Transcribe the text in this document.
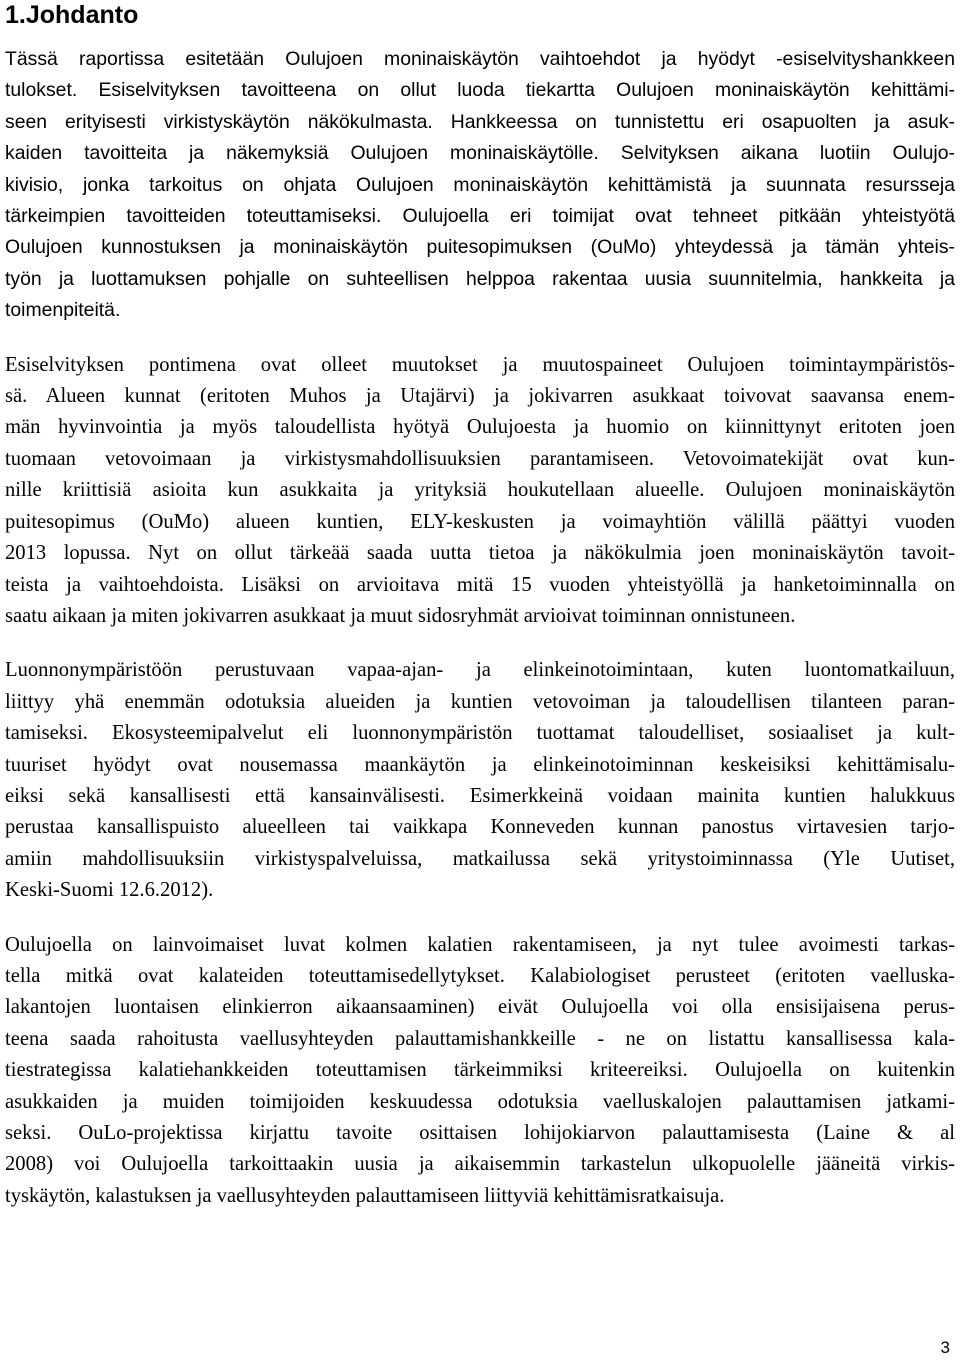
1.Johdanto

Tässä raportissa esitetään Oulujoen moninaiskäytön vaihtoehdot ja hyödyt -esiselvityshankkeen
tulokset. Esiselvityksen tavoitteena on ollut luoda tiekartta Oulujoen moninaiskäytön kehittämi-
seen erityisesti virkistyskäytön näkökulmasta. Hankkeessa on tunnistettu eri osapuolten ja asuk-
kaiden tavoitteita ja näkemyksiä Oulujoen moninaiskäytölle. Selvityksen aikana luotiin Oulujo-
kivisio, jonka tarkoitus on ohjata Oulujoen moninaiskäytön kehittämistä ja suunnata resursseja
tärkeimpien tavoitteiden toteuttamiseksi. Oulujoella eri toimijat ovat tehneet pitkään yhteistyötä
Oulujoen kunnostuksen ja moninaiskäytön puitesopimuksen (OuMo) yhteydessä ja tämän yhteis-
työn ja luottamuksen pohjalle on suhteellisen helppoa rakentaa uusia suunnitelmia, hankkeita ja
toimenpiteitä.

Esiselvityksen pontimena ovat olleet muutokset ja muutospaineet Oulujoen toimintaympäristös-
sä. Alueen kunnat (eritoten Muhos ja Utajärvi) ja jokivarren asukkaat toivovat saavansa enem-
män hyvinvointia ja myös taloudellista hyötyä Oulujoesta ja huomio on kiinnittynyt eritoten joen
tuomaan vetovoimaan ja virkistysmahdollisuuksien parantamiseen. Vetovoimatekijät ovat kun-
nille kriittisiä asioita kun asukkaita ja yrityksiä houkutellaan alueelle. Oulujoen moninaiskäytön
puitesopimus (OuMo) alueen kuntien, ELY-keskusten ja voimayhtiön välillä päättyi vuoden
2013 lopussa. Nyt on ollut tärkeää saada uutta tietoa ja näkökulmia joen moninaiskäytön tavoit-
teista ja vaihtoehdoista. Lisäksi on arvioitava mitä 15 vuoden yhteistyöllä ja hanketoiminnalla on
saatu aikaan ja miten jokivarren asukkaat ja muut sidosryhmät arvioivat toiminnan onnistuneen.

Luonnonympäristöön perustuvaan vapaa-ajan- ja elinkeinotoimintaan, kuten luontomatkailuun,
liittyy yhä enemmän odotuksia alueiden ja kuntien vetovoiman ja taloudellisen tilanteen paran-
tamiseksi. Ekosysteemipalvelut eli luonnonympäristön tuottamat taloudelliset, sosiaaliset ja kult-
tuuriset hyödyt ovat nousemassa maankäytön ja elinkeinotoiminnan keskeisiksi kehittämisalu-
eiksi sekä kansallisesti että kansainvälisesti. Esimerkkeinä voidaan mainita kuntien halukkuus
perustaa kansallispuisto alueelleen tai vaikkapa Konneveden kunnan panostus virtavesien tarjo-
amiin mahdollisuuksiin virkistyspalveluissa, matkailussa sekä yritystoiminnassa (Yle Uutiset,
Keski-Suomi 12.6.2012).

Oulujoella on lainvoimaiset luvat kolmen kalatien rakentamiseen, ja nyt tulee avoimesti tarkas-
tella mitkä ovat kalateiden toteuttamisedellytykset. Kalabiologiset perusteet (eritoten vaelluska-
lakantojen luontaisen elinkierron aikaansaaminen) eivät Oulujoella voi olla ensisijaisena perus-
teena saada rahoitusta vaellusyhteyden palauttamishankkeille - ne on listattu kansallisessa kala-
tiestrategissa kalatiehankkeiden toteuttamisen tärkeimmiksi kriteereiksi. Oulujoella on kuitenkin
asukkaiden ja muiden toimijoiden keskuudessa odotuksia vaelluskalojen palauttamisen jatkami-
seksi. OuLo-projektissa kirjattu tavoite osittaisen lohijokiarvon palauttamisesta (Laine & al
2008) voi Oulujoella tarkoittaakin uusia ja aikaisemmin tarkastelun ulkopuolelle jääneitä virkis-
tyskäytön, kalastuksen ja vaellusyhteyden palauttamiseen liittyviä kehittämisratkaisuja.

3
